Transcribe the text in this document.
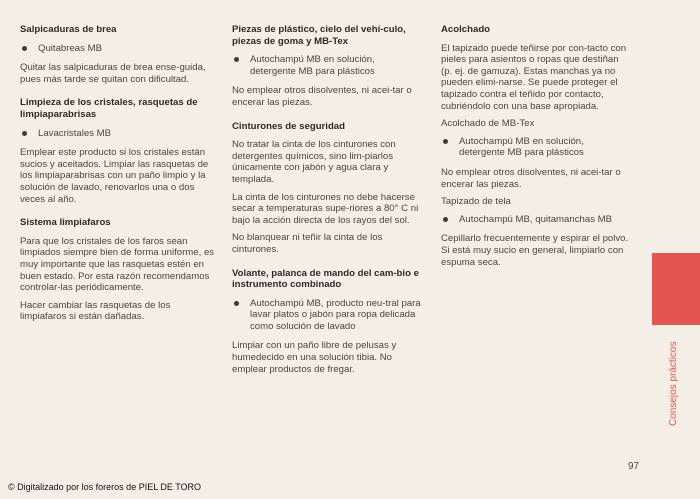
Salpicaduras de brea
Quitabreas MB

Quitar las salpicaduras de brea ense-guida, pues más tarde se quitan con dificultad.

Limpieza de los cristales, rasquetas de limpiaparabrisas
Lavacristales MB

Emplear este producto si los cristales están sucios y aceitados. Limpiar las rasquetas de los limpiaparabrisas con un paño limpio y la solución de lavado, renovarlos una o dos veces al año.

Sistema limpiafaros

Para que los cristales de los faros sean limpiados siempre bien de forma uniforme, es muy importante que las rasquetas estén en buen estado. Por esta razón recomendamos controlar-las periódicamente.

Hacer cambiar las rasquetas de los limpiafaros si están dañadas.

Piezas de plástico, cielo del vehí-culo, piezas de goma y MB-Tex
Autochampú MB en solución, detergente MB para plásticos

No emplear otros disolventes, ni acei-tar o encerar las piezas.

Cinturones de seguridad

No tratar la cinta de los cinturones con detergentes químicos, sino lim-piarlos únicamente con jabón y agua clara y templada.

La cinta de los cinturones no debe hacerse secar a temperaturas supe-riores a 80° C ni bajo la acción directa de los rayos del sol.

No blanquear ni teñir la cinta de los cinturones.

Volante, palanca de mando del cam-bio e instrumento combinado
Autochampú MB, producto neu-tral para lavar platos o jabón para ropa delicada como solución de lavado

Limpiar con un paño libre de pelusas y humedecido en una solución tibia. No emplear productos de fregar.

Acolchado

El tapizado puede teñirse por con-tacto con pieles para asientos o ropas que destiñan (p. ej. de gamuza). Estas manchas ya no pueden elimi-narse. Se puede proteger el tapizado contra el teñido por contacto, cubriéndolo con una base apropiada.

Acolchado de MB-Tex

Autochampú MB en solución, detergente MB para plásticos

No emplear otros disolventes, ni acei-tar o encerar las piezas.

Tapizado de tela

Autochampú MB, quitamanchas MB

Cepillarlo frecuentemente y espirar el polvo. Si está muy sucio en general, limpiarlo con espuma seca.

Consejos prácticos
97
© Digitalizado por los foreros de PIEL DE TORO
